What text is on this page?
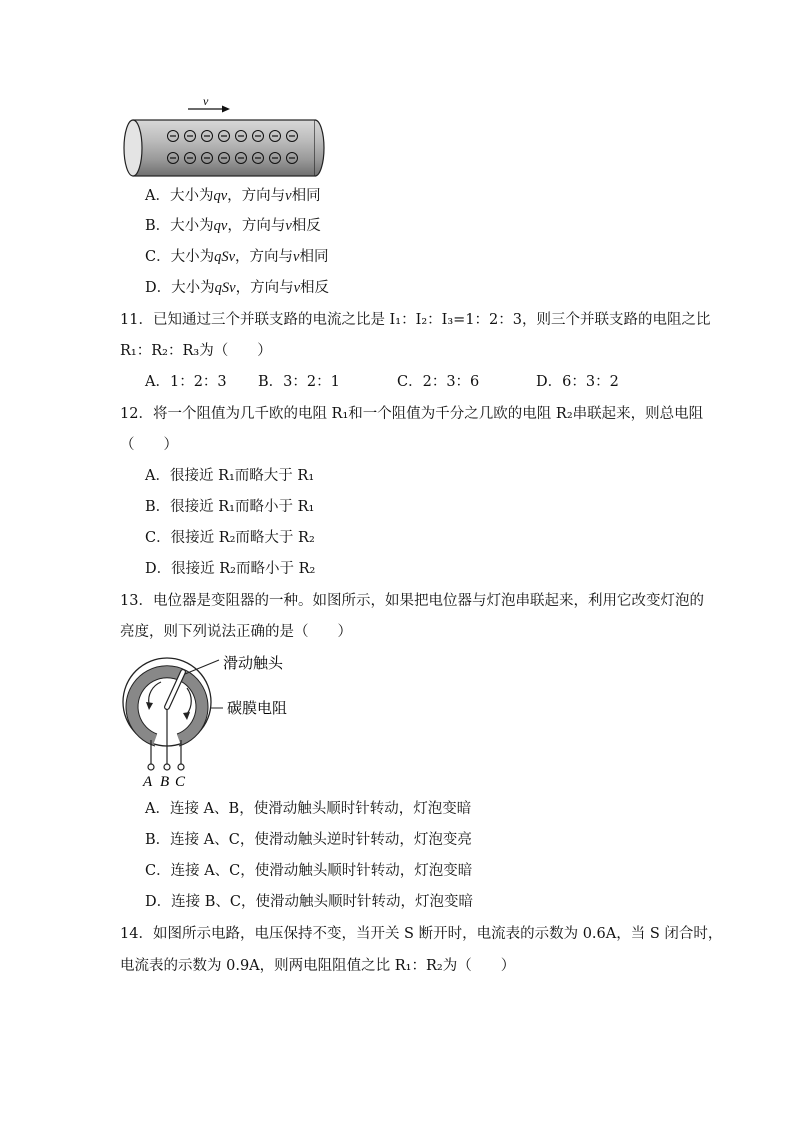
v
A．大小为qv，方向与v相同
B．大小为qv，方向与v相反
C．大小为qSv，方向与v相同
D．大小为qSv，方向与v相反
11．已知通过三个并联支路的电流之比是 I₁：I₂：I₃=1：2：3，则三个并联支路的电阻之比
R₁：R₂：R₃为（　　）
A．1：2：3 B．3：2：1	C．2：3：6	D．6：3：2
12．将一个阻值为几千欧的电阻 R₁和一个阻值为千分之几欧的电阻 R₂串联起来，则总电阻
（　　）
A．很接近 R₁而略大于 R₁
B．很接近 R₁而略小于 R₁
C．很接近 R₂而略大于 R₂
D．很接近 R₂而略小于 R₂
13．电位器是变阻器的一种。如图所示，如果把电位器与灯泡串联起来，利用它改变灯泡的
亮度，则下列说法正确的是（　　）
滑动触头
碳膜电阻
A B C
A．连接 A、B，使滑动触头顺时针转动，灯泡变暗
B．连接 A、C，使滑动触头逆时针转动，灯泡变亮
C．连接 A、C，使滑动触头顺时针转动，灯泡变暗
D．连接 B、C，使滑动触头顺时针转动，灯泡变暗
14．如图所示电路，电压保持不变，当开关 S 断开时，电流表的示数为 0.6A，当 S 闭合时，
电流表的示数为 0.9A，则两电阻阻值之比 R₁：R₂为（　　）
